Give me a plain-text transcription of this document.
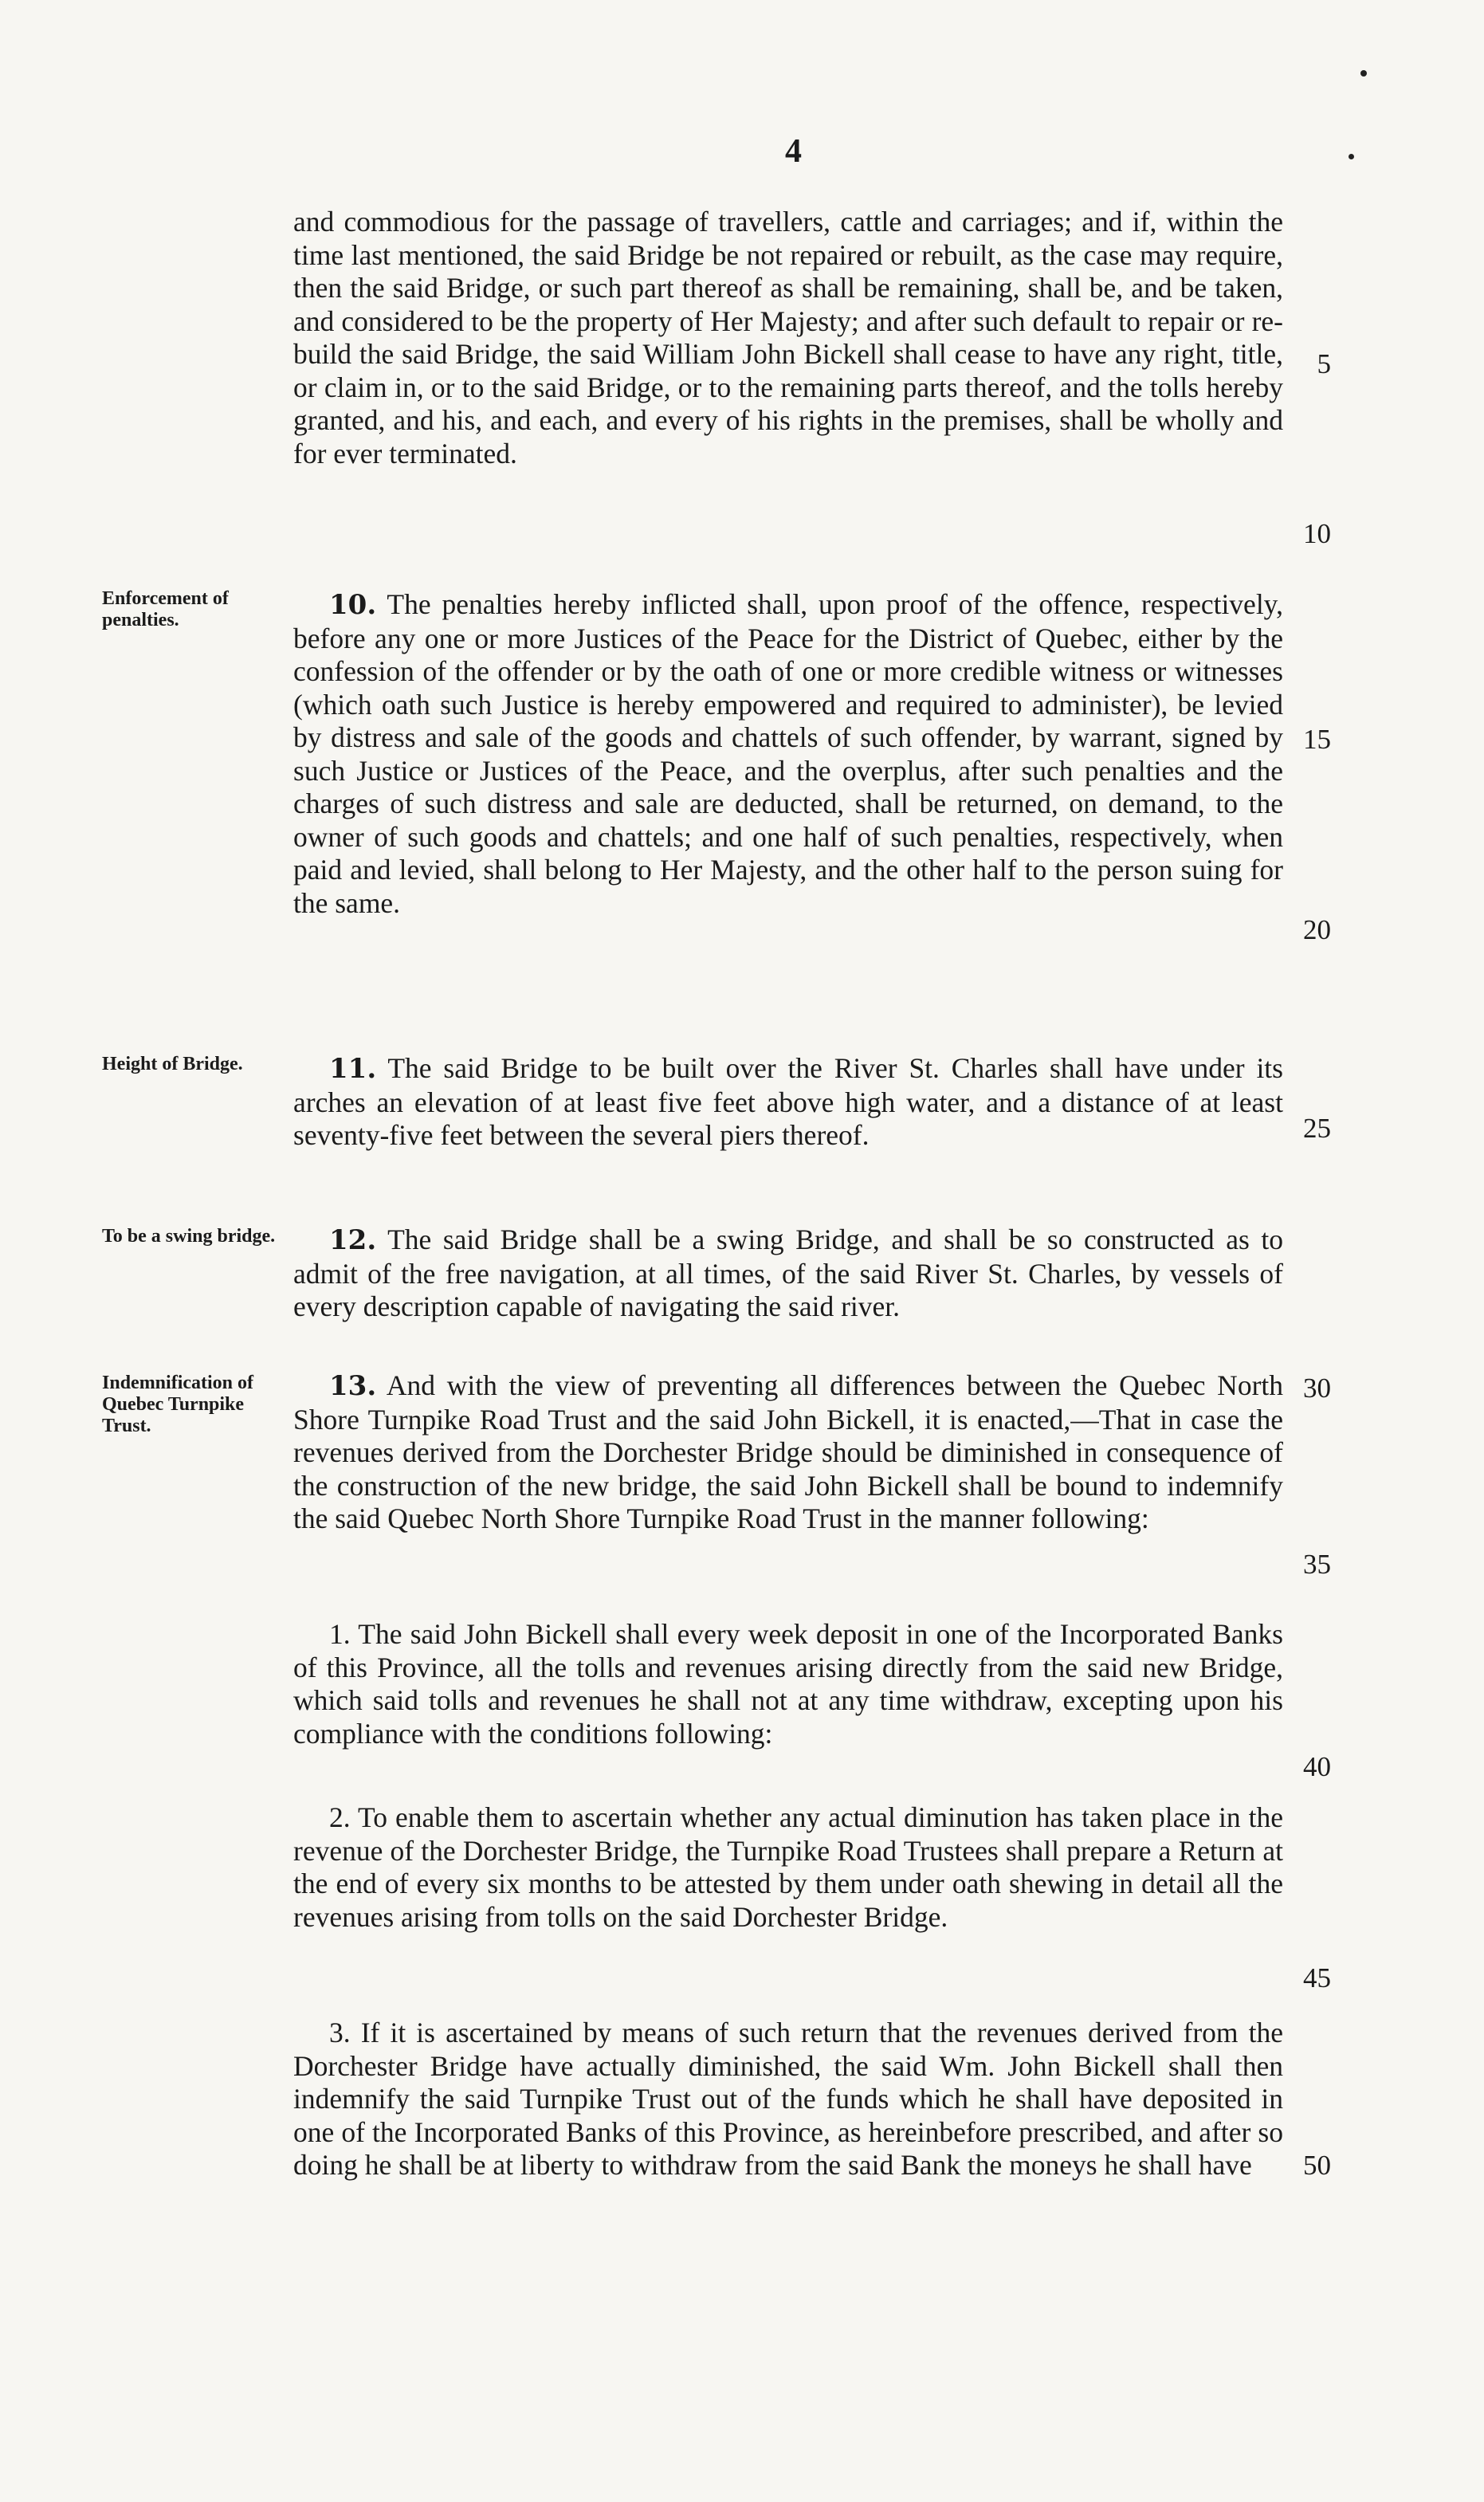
4

and commodious for the passage of travellers, cattle and carriages; and if, within the time last mentioned, the said Bridge be not repaired or rebuilt, as the case may require, then the said Bridge, or such part thereof as shall be remaining, shall be, and be taken, and considered to be the property of Her Majesty; and after such default to repair or re-build the said Bridge, the said William John Bickell shall cease to have any right, title, or claim in, or to the said Bridge, or to the remaining parts thereof, and the tolls hereby granted, and his, and each, and every of his rights in the premises, shall be wholly and for ever terminated.

Enforcement of penalties.	10. The penalties hereby inflicted shall, upon proof of the offence, respectively, before any one or more Justices of the Peace for the District of Quebec, either by the confession of the offender or by the oath of one or more credible witness or witnesses (which oath such Justice is hereby empowered and required to administer), be levied by distress and sale of the goods and chattels of such offender, by warrant, signed by such Justice or Justices of the Peace, and the overplus, after such penalties and the charges of such distress and sale are deducted, shall be returned, on demand, to the owner of such goods and chattels; and one half of such penalties, respectively, when paid and levied, shall belong to Her Majesty, and the other half to the person suing for the same.

Height of Bridge.	11. The said Bridge to be built over the River St. Charles shall have under its arches an elevation of at least five feet above high water, and a distance of at least seventy-five feet between the several piers thereof.

To be a swing bridge.	12. The said Bridge shall be a swing Bridge, and shall be so constructed as to admit of the free navigation, at all times, of the said River St. Charles, by vessels of every description capable of navigating the said river.

Indemnification of Quebec Turnpike Trust.

13. And with the view of preventing all differences between the Quebec North Shore Turnpike Road Trust and the said John Bickell, it is enacted,—That in case the revenues derived from the Dorchester Bridge should be diminished in consequence of the construction of the new bridge, the said John Bickell shall be bound to indemnify the said Quebec North Shore Turnpike Road Trust in the manner following:

1. The said John Bickell shall every week deposit in one of the Incorporated Banks of this Province, all the tolls and revenues arising directly from the said new Bridge, which said tolls and revenues he shall not at any time withdraw, excepting upon his compliance with the conditions following:

2. To enable them to ascertain whether any actual diminution has taken place in the revenue of the Dorchester Bridge, the Turnpike Road Trustees shall prepare a Return at the end of every six months to be attested by them under oath shewing in detail all the revenues arising from tolls on the said Dorchester Bridge.

3. If it is ascertained by means of such return that the revenues derived from the Dorchester Bridge have actually diminished, the said Wm. John Bickell shall then indemnify the said Turnpike Trust out of the funds which he shall have deposited in one of the Incorporated Banks of this Province, as hereinbefore prescribed, and after so doing he shall be at liberty to withdraw from the said Bank the moneys he shall have

5
10
15
20
25
30
35
40
45
50
